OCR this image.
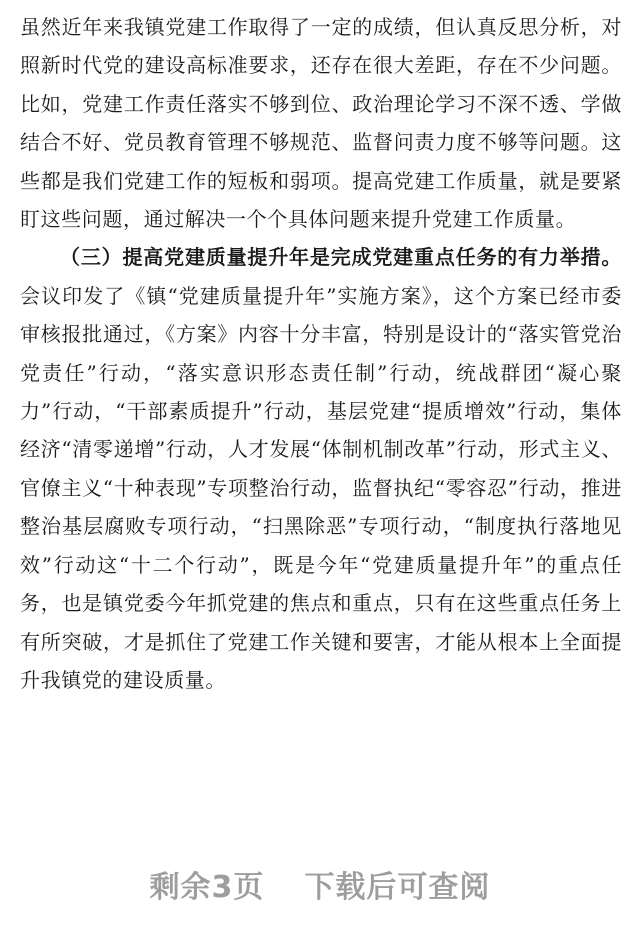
虽然近年来我镇党建工作取得了一定的成绩，但认真反思分析，对照新时代党的建设高标准要求，还存在很大差距，存在不少问题。比如，党建工作责任落实不够到位、政治理论学习不深不透、学做结合不好、党员教育管理不够规范、监督问责力度不够等问题。这些都是我们党建工作的短板和弱项。提高党建工作质量，就是要紧盯这些问题，通过解决一个个具体问题来提升党建工作质量。

（三）提高党建质量提升年是完成党建重点任务的有力举措。会议印发了《镇“党建质量提升年”实施方案》，这个方案已经市委审核报批通过，《方案》内容十分丰富，特别是设计的“落实管党治党责任”行动，“落实意识形态责任制”行动，统战群团“凝心聚力”行动，“干部素质提升”行动，基层党建“提质增效”行动，集体经济“清零递增”行动，人才发展“体制机制改革”行动，形式主义、官僚主义“十种表现”专项整治行动，监督执纪“零容忍”行动，推进整治基层腐败专项行动，“扫黑除恶”专项行动，“制度执行落地见效”行动这“十二个行动”，既是今年“党建质量提升年”的重点任务，也是镇党委今年抓党建的焦点和重点，只有在这些重点任务上有所突破，才是抓住了党建工作关键和要害，才能从根本上全面提升我镇党的建设质量。

剩余3页 下载后可查阅
